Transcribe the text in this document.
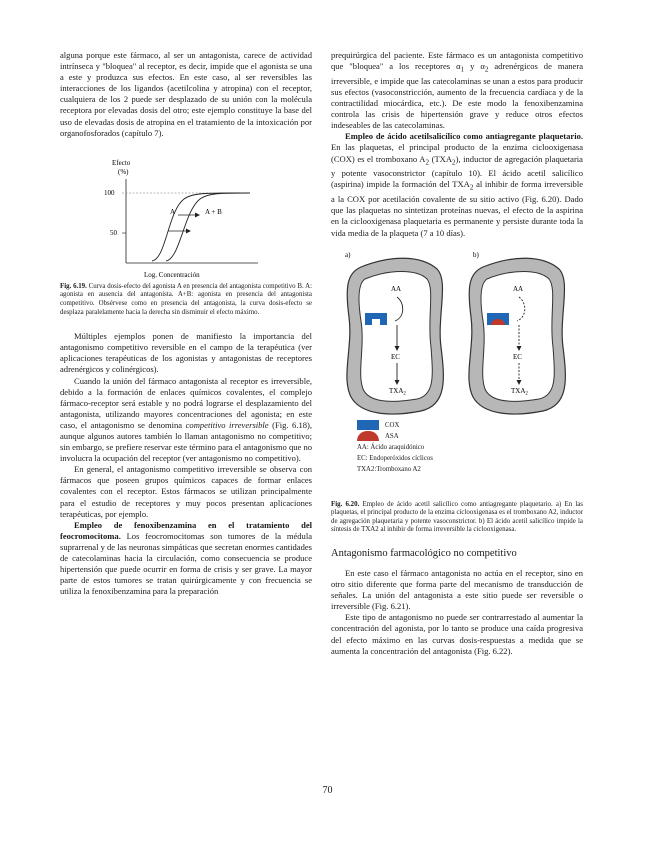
alguna porque este fármaco, al ser un antagonista, carece de actividad intrínseca y "bloquea" al receptor, es decir, impide que el agonista se una a este y produzca sus efectos. En este caso, al ser reversibles las interacciones de los ligandos (acetilcolina y atropina) con el receptor, cualquiera de los 2 puede ser desplazado de su unión con la molécula receptora por elevadas dosis del otro; este ejemplo constituye la base del uso de elevadas dosis de atropina en el tratamiento de la intoxicación por organofosforados (capítulo 7).

Efecto
(%)
100
50
A	A + B
Log. Concentración

Fig. 6.19. Curva dosis-efecto del agonista A en presencia del antagonista competitivo B. A: agonista en ausencia del antagonista. A+B: agonista en presencia del antagonista competitivo. Obsérvese como en presencia del antagonista, la curva dosis-efecto se desplaza paralelamente hacia la derecha sin disminuir el efecto máximo.

Múltiples ejemplos ponen de manifiesto la importancia del antagonismo competitivo reversible en el campo de la terapéutica (ver aplicaciones terapéuticas de los agonistas y antagonistas de receptores adrenérgicos y colinérgicos).

Cuando la unión del fármaco antagonista al receptor es irreversible, debido a la formación de enlaces químicos covalentes, el complejo fármaco-receptor será estable y no podrá lograrse el desplazamiento del antagonista, utilizando mayores concentraciones del agonista; en este caso, el antagonismo se denomina competitivo irreversible (Fig. 6.18), aunque algunos autores también lo llaman antagonismo no competitivo; sin embargo, se prefiere reservar este término para el antagonismo que no involucra la ocupación del receptor (ver antagonismo no competitivo).

En general, el antagonismo competitivo irreversible se observa con fármacos que poseen grupos químicos capaces de formar enlaces covalentes con el receptor. Estos fármacos se utilizan principalmente para el estudio de receptores y muy pocos presentan aplicaciones terapéuticas, por ejemplo.

Empleo de fenoxibenzamina en el tratamiento del feocromocitoma. Los feocromocitomas son tumores de la médula suprarrenal y de las neuronas simpáticas que secretan enormes cantidades de catecolaminas hacia la circulación, como consecuencia se produce hipertensión que puede ocurrir en forma de crisis y ser grave. La mayor parte de estos tumores se tratan quirúrgicamente y con frecuencia se utiliza la fenoxibenzamina para la preparación

prequirúrgica del paciente. Este fármaco es un antagonista competitivo que "bloquea" a los receptores $\alpha_1$ y $\alpha_2$ adrenérgicos de manera irreversible, e impide que las catecolaminas se unan a estos para producir sus efectos (vasoconstricción, aumento de la frecuencia cardíaca y de la contractilidad miocárdica, etc.). De este modo la fenoxibenzamina controla las crisis de hipertensión grave y reduce otros efectos indeseables de las catecolaminas.

Empleo de ácido acetilsalicílico como antiagregante plaquetario. En las plaquetas, el principal producto de la enzima ciclooxigenasa (COX) es el tromboxano $A_2$ $(TXA_2)$, inductor de agregación plaquetaria y potente vasoconstrictor (capítulo 10). El ácido acetil salicílico (aspirina) impide la formación del $TXA_2$ al inhibir de forma irreversible a la COX por acetilación covalente de su sitio activo (Fig. 6.20). Dado que las plaquetas no sintetizan proteínas nuevas, el efecto de la aspirina en la ciclooxigenasa plaquetaria es permanente y persiste durante toda la vida media de la plaqueta (7 a 10 días).

a)	b)
AA
EC
$TXA_2$
AA
EC
$TXA_2$
COX
ASA
AA: Ácido araquidónico
EC: Endoperóxidos cíclicos
TXA2:Tromboxano A2

Fig. 6.20. Empleo de ácido acetil salicílico como antiagregante plaquetario. a) En las plaquetas, el principal producto de la enzima ciclooxigenasa es el tromboxano A2, inductor de agregación plaquetaria y potente vasoconstrictor. b) El ácido acetil salicílico impide la síntesis de TXA2 al inhibir de forma irreversible la ciclooxigenasa.

Antagonismo farmacológico no competitivo

En este caso el fármaco antagonista no actúa en el receptor, sino en otro sitio diferente que forma parte del mecanismo de transducción de señales. La unión del antagonista a este sitio puede ser reversible o irreversible (Fig. 6.21).

Este tipo de antagonismo no puede ser contrarrestado al aumentar la concentración del agonista, por lo tanto se produce una caída progresiva del efecto máximo en las curvas dosis-respuestas a medida que se aumenta la concentración del antagonista (Fig. 6.22).

70
